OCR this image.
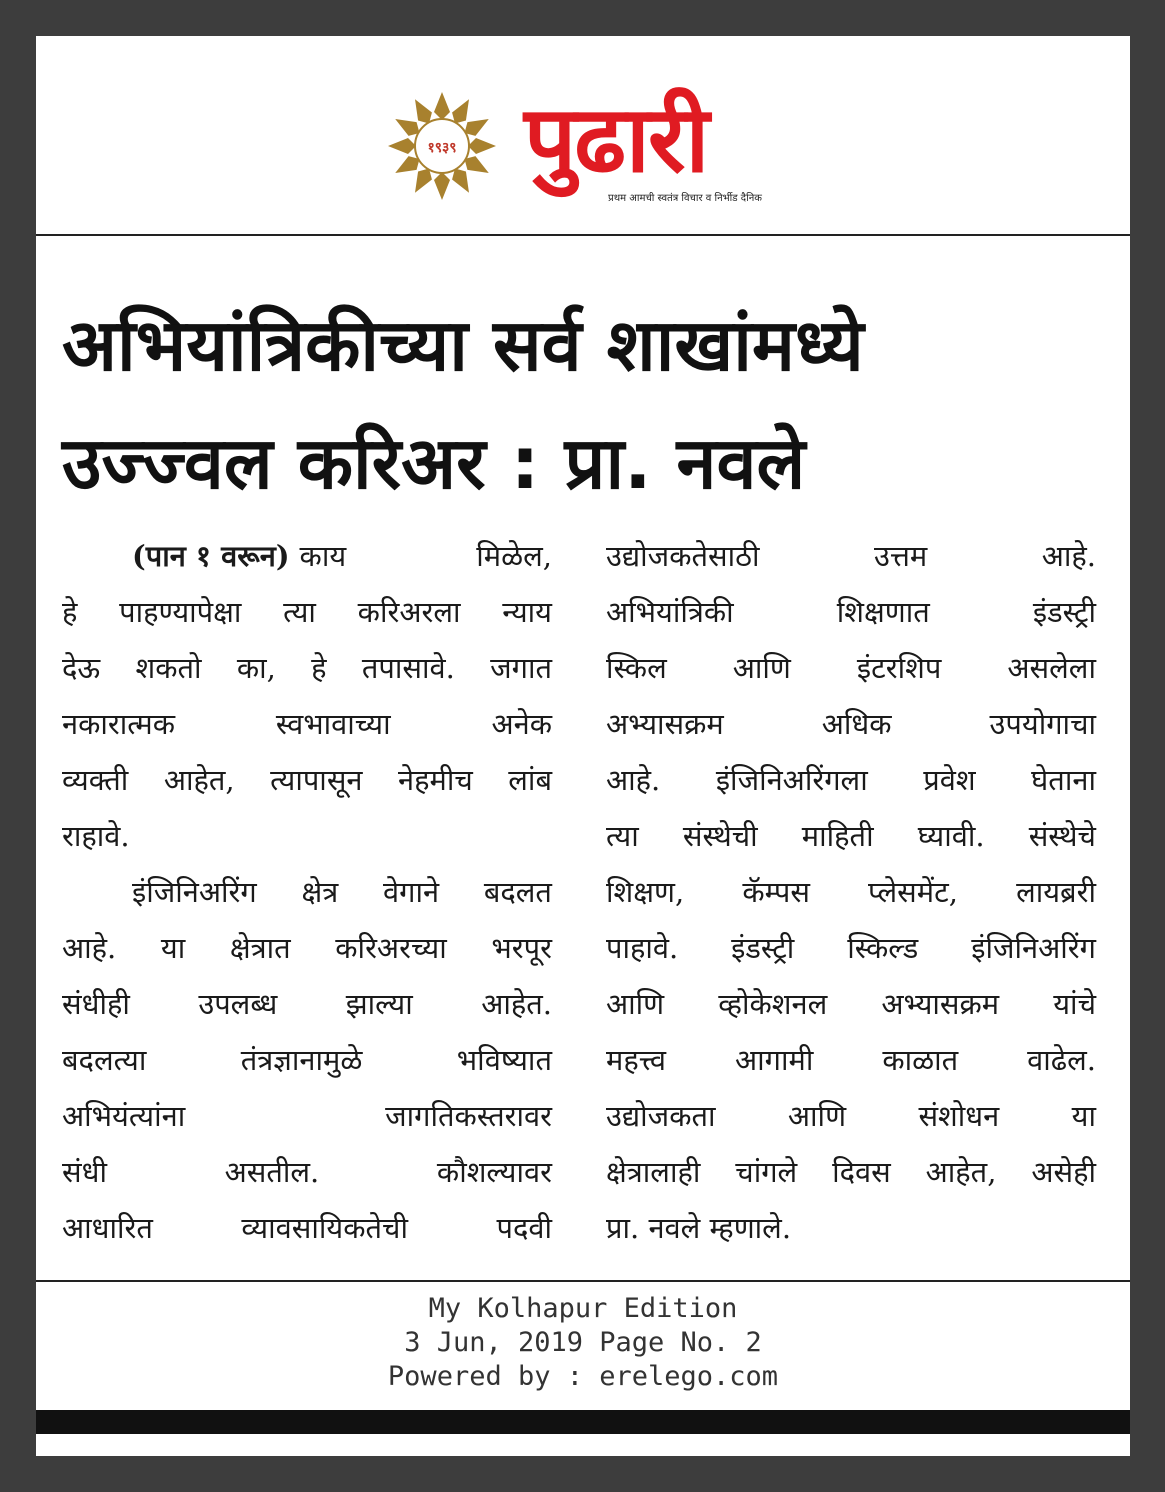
१९३९ पुढारी
प्रथम आमची स्वतंत्र विचार व निर्भीड दैनिक
अभियांत्रिकीच्या सर्व शाखांमध्ये
उज्ज्वल करिअर : प्रा. नवले
(पान १ वरून) काय	मिळेल,
हे पाहण्यापेक्षा त्या करिअरला न्याय
देऊ शकतो का, हे तपासावे. जगात
नकारात्मक	स्वभावाच्या	अनेक
व्यक्ती आहेत, त्यापासून नेहमीच लांब
राहावे.
इंजिनिअरिंग क्षेत्र वेगाने बदलत
आहे. या क्षेत्रात करिअरच्या भरपूर
संधीही उपलब्ध झाल्या आहेत.
बदलत्या	तंत्रज्ञानामुळे	भविष्यात
अभियंत्यांना	जागतिकस्तरावर
संधी	असतील.	कौशल्यावर
आधारित	व्यावसायिकतेची	पदवी
उद्योजकतेसाठी	उत्तम	आहे.
अभियांत्रिकी	शिक्षणात	इंडस्ट्री
स्किल आणि इंटरशिप असलेला
अभ्यासक्रम	अधिक	उपयोगाचा
आहे. इंजिनिअरिंगला प्रवेश घेताना
त्या संस्थेची माहिती घ्यावी. संस्थेचे
शिक्षण, कॅम्पस प्लेसमेंट, लायब्ररी
पाहावे. इंडस्ट्री स्किल्ड इंजिनिअरिंग
आणि व्होकेशनल अभ्यासक्रम यांचे
महत्त्व आगामी काळात वाढेल.
उद्योजकता आणि संशोधन या
क्षेत्रालाही चांगले दिवस आहेत, असेही
प्रा. नवले म्हणाले.
My Kolhapur Edition
3 Jun, 2019 Page No. 2
Powered by : erelego.com
